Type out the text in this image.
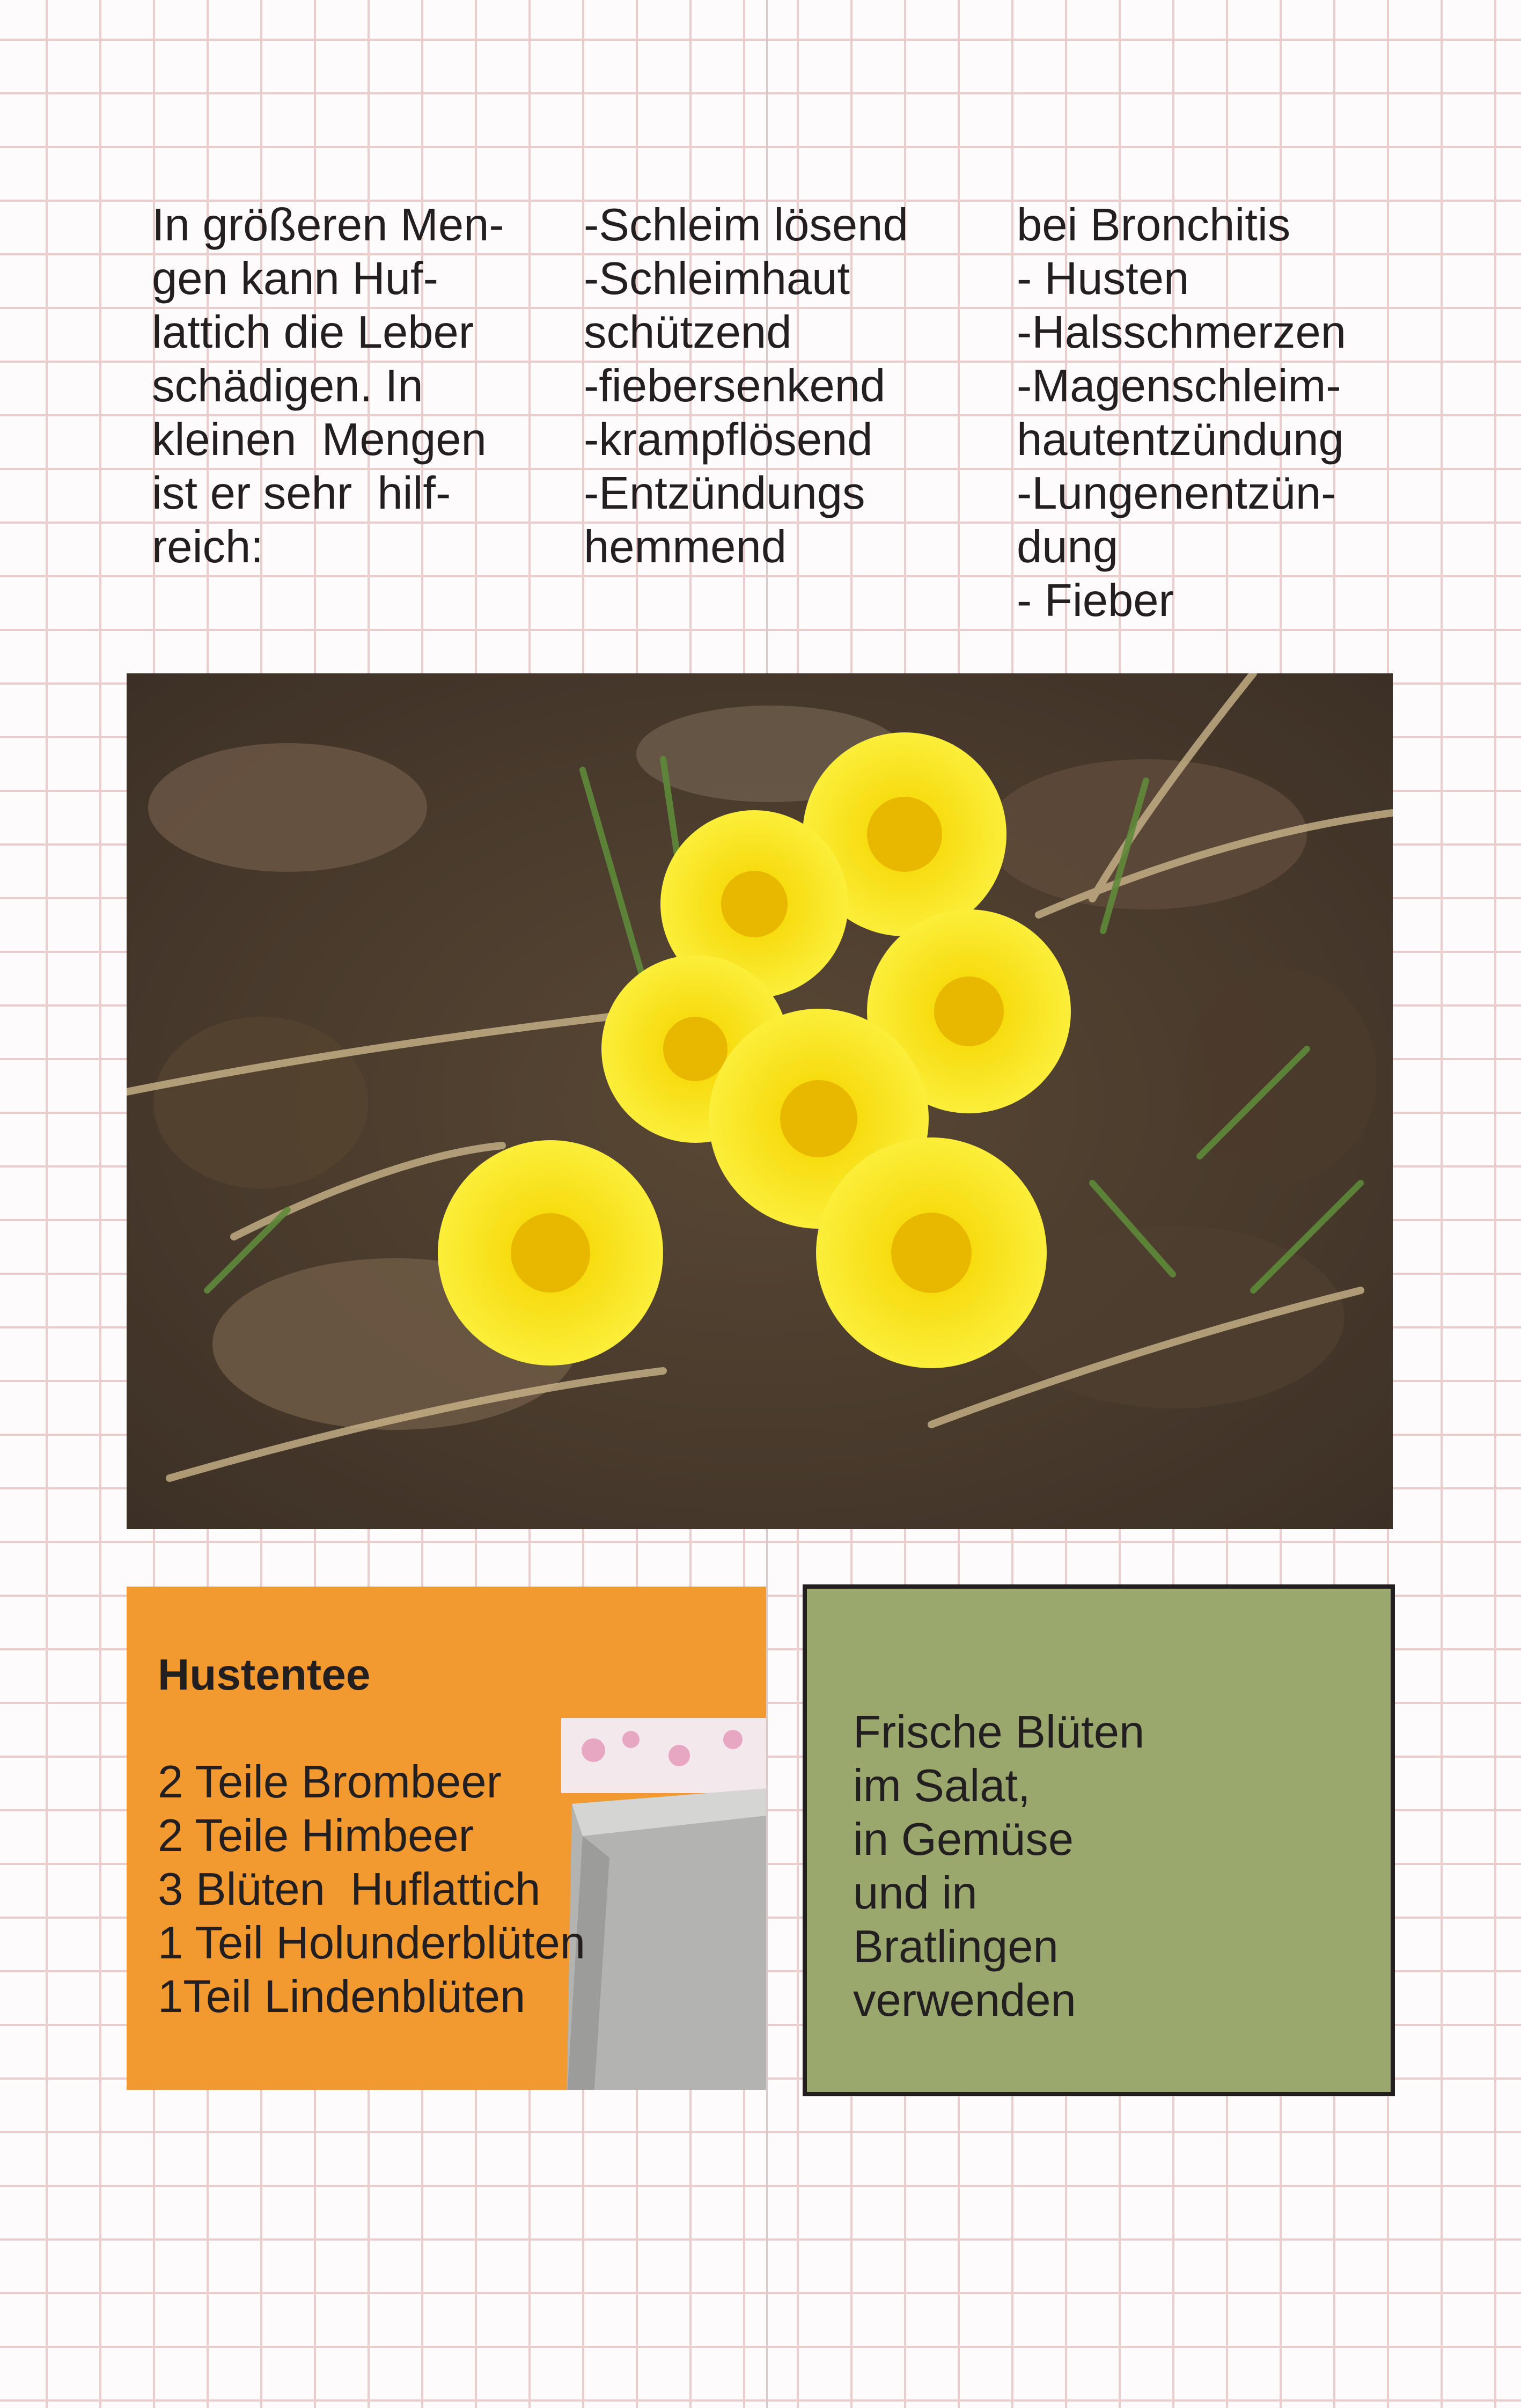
In größeren Men-
gen kann Huf-
lattich die Leber
schädigen. In
kleinen  Mengen
ist er sehr  hilf-
reich:
-Schleim lösend
-Schleimhaut
schützend
-fiebersenkend
-krampflösend
-Entzündungs
hemmend
bei Bronchitis
- Husten
-Halsschmerzen
-Magenschleim-
hautentzündung
-Lungenentzün-
dung
- Fieber
Hustentee
2 Teile Brombeer
2 Teile Himbeer
3 Blüten  Huflattich
1 Teil Holunderblüten
1Teil Lindenblüten
Frische Blüten
im Salat,
in Gemüse
und in
Bratlingen
verwenden
